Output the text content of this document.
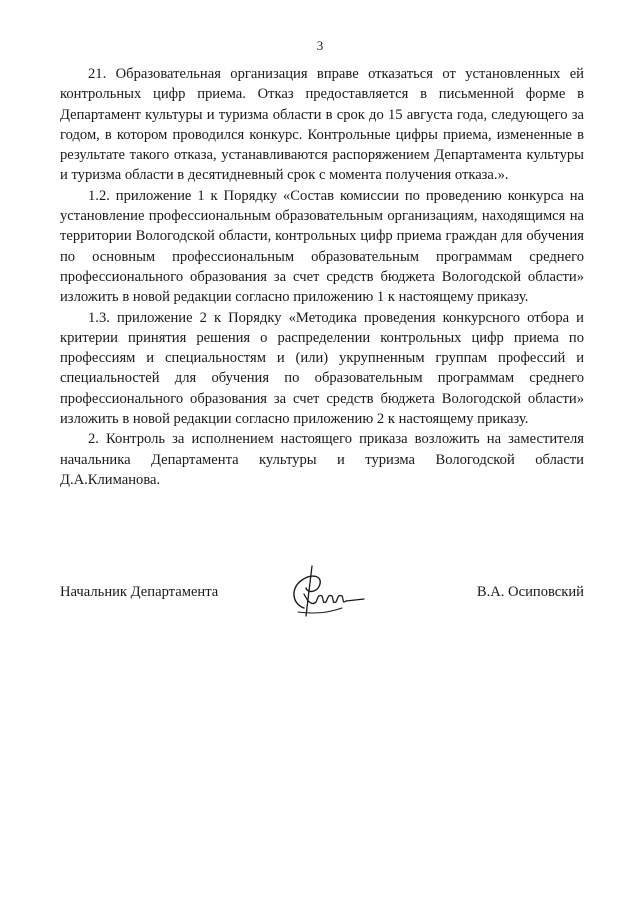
3

21. Образовательная организация вправе отказаться от установленных ей контрольных цифр приема. Отказ предоставляется в письменной форме в Департамент культуры и туризма области в срок до 15 августа года, следующего за годом, в котором проводился конкурс. Контрольные цифры приема, измененные в результате такого отказа, устанавливаются распоряжением Департамента культуры и туризма области в десятидневный срок с момента получения отказа.».

1.2. приложение 1 к Порядку «Состав комиссии по проведению конкурса на установление профессиональным образовательным организациям, находящимся на территории Вологодской области, контрольных цифр приема граждан для обучения по основным профессиональным образовательным программам среднего профессионального образования за счет средств бюджета Вологодской области» изложить в новой редакции согласно приложению 1 к настоящему приказу.

1.3. приложение 2 к Порядку «Методика проведения конкурсного отбора и критерии принятия решения о распределении контрольных цифр приема по профессиям и специальностям и (или) укрупненным группам профессий и специальностей для обучения по образовательным программам среднего профессионального образования за счет средств бюджета Вологодской области» изложить в новой редакции согласно приложению 2 к настоящему приказу.

2. Контроль за исполнением настоящего приказа возложить на заместителя начальника Департамента культуры и туризма Вологодской области Д.А.Климанова.

Начальник Департамента	В.А. Осиповский
